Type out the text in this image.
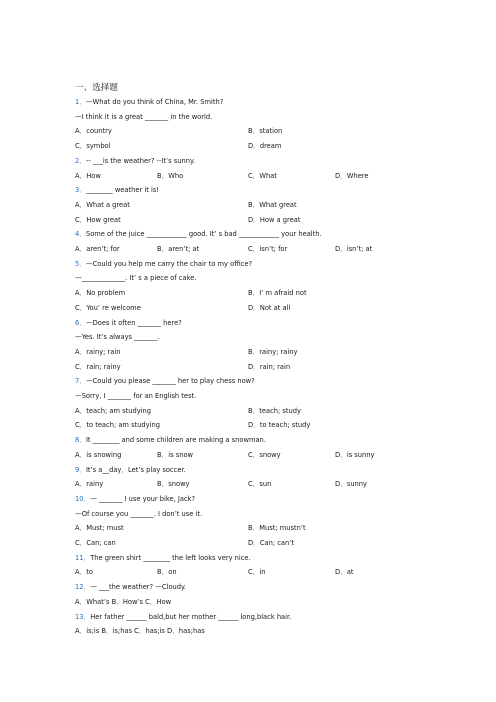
一、选择题
1．—What do you think of China, Mr. Smith?
—I think it is a great _______ in the world.
A．country	B．station
C．symbol	D．dream
2．-- ___is the weather? --It’s sunny.
A．How	B．Who	C．What	D．Where
3．________ weather it is!
A．What a great	B．What great
C．How great	D．How a great
4．Some of the juice ____________ good. It’ s bad ____________ your health.
A．aren’t; for	B．aren’t; at	C．isn’t; for	D．isn’t; at
5．—Could you help me carry the chair to my office?
—_____________. It’ s a piece of cake.
A．No problem	B．I’ m afraid not
C．You’ re welcome	D．Not at all
6．—Does it often _______ here?
—Yes. It’s always _______.
A．rainy; rain	B．rainy; rainy
C．rain; rainy	D．rain; rain
7．—Could you please _______ her to play chess now?
—Sorry, I _______ for an English test.
A．teach; am studying	B．teach; study
C．to teach; am studying	D．to teach; study
8．It ________ and some children are making a snowman.
A．is snowing	B．is snow	C．snowy	D．is sunny
9．It’s a__day．Let’s play soccer.
A．rainy	B．snowy	C．sun	D．sunny
10．— _______ I use your bike, Jack?
—Of course you _______. I don’t use it.
A．Must; must	B．Must; mustn’t
C．Can; can	D．Can; can’t
11．The green shirt ________ the left looks very nice.
A．to	B．on	C．in	D．at
12．— ___the weather? —Cloudy.
A．What’s B．How’s C．How
13．Her father ______ bald,but her mother ______ long,black hair.
A．is;is B．is;has C．has;is D．has;has
